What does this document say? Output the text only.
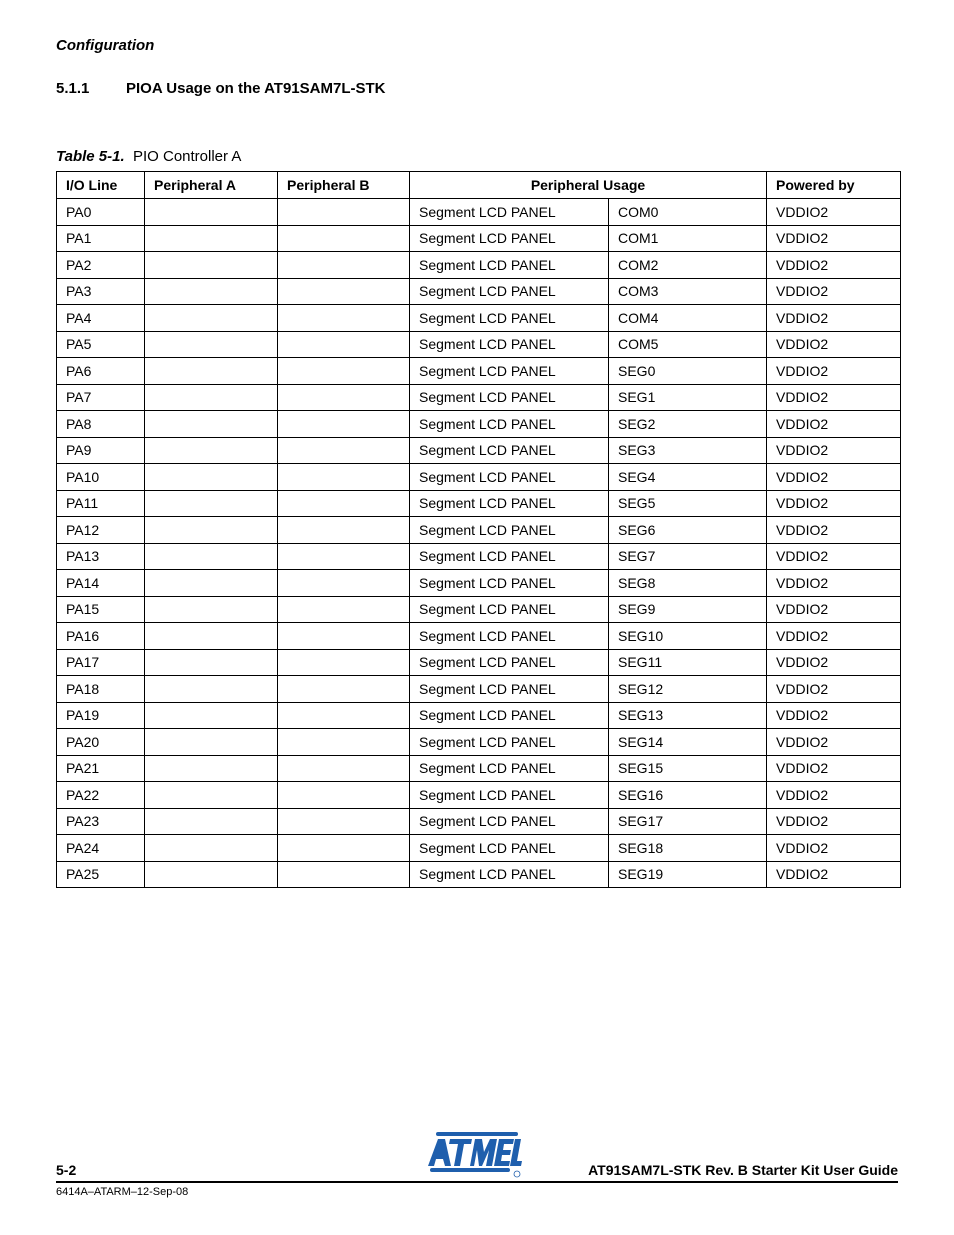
Configuration
5.1.1 PIOA Usage on the AT91SAM7L-STK
Table 5-1. PIO Controller A
I/O Line	Peripheral A	Peripheral B	Peripheral Usage		Powered by
PA0			Segment LCD PANEL	COM0	VDDIO2
PA1			Segment LCD PANEL	COM1	VDDIO2
PA2			Segment LCD PANEL	COM2	VDDIO2
PA3			Segment LCD PANEL	COM3	VDDIO2
PA4			Segment LCD PANEL	COM4	VDDIO2
PA5			Segment LCD PANEL	COM5	VDDIO2
PA6			Segment LCD PANEL	SEG0	VDDIO2
PA7			Segment LCD PANEL	SEG1	VDDIO2
PA8			Segment LCD PANEL	SEG2	VDDIO2
PA9			Segment LCD PANEL	SEG3	VDDIO2
PA10			Segment LCD PANEL	SEG4	VDDIO2
PA11			Segment LCD PANEL	SEG5	VDDIO2
PA12			Segment LCD PANEL	SEG6	VDDIO2
PA13			Segment LCD PANEL	SEG7	VDDIO2
PA14			Segment LCD PANEL	SEG8	VDDIO2
PA15			Segment LCD PANEL	SEG9	VDDIO2
PA16			Segment LCD PANEL	SEG10	VDDIO2
PA17			Segment LCD PANEL	SEG11	VDDIO2
PA18			Segment LCD PANEL	SEG12	VDDIO2
PA19			Segment LCD PANEL	SEG13	VDDIO2
PA20			Segment LCD PANEL	SEG14	VDDIO2
PA21			Segment LCD PANEL	SEG15	VDDIO2
PA22			Segment LCD PANEL	SEG16	VDDIO2
PA23			Segment LCD PANEL	SEG17	VDDIO2
PA24			Segment LCD PANEL	SEG18	VDDIO2
PA25			Segment LCD PANEL	SEG19	VDDIO2
5-2	AT91SAM7L-STK Rev. B Starter Kit User Guide
6414A–ATARM–12-Sep-08
